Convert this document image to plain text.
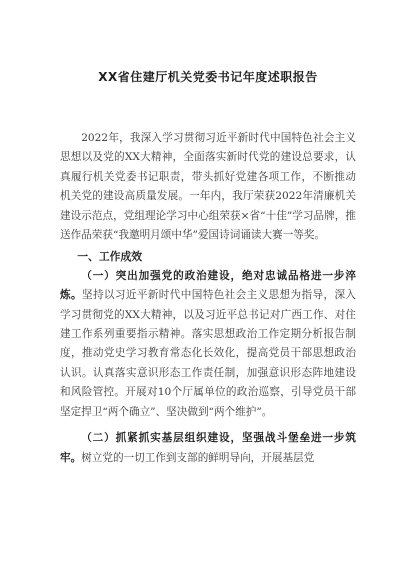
XX省住建厅机关党委书记年度述职报告

2022年，我深入学习贯彻习近平新时代中国特色社会主义思想以及党的XX大精神，全面落实新时代党的建设总要求，认真履行机关党委书记职责，带头抓好党建各项工作，不断推动机关党的建设高质量发展。一年内，我厅荣获2022年清廉机关建设示范点，党组理论学习中心组荣获×省“十佳”学习品牌，推送作品荣获“我邀明月颂中华”爱国诗词诵读大赛一等奖。

一、工作成效

（一）突出加强党的政治建设，绝对忠诚品格进一步淬炼。坚持以习近平新时代中国特色社会主义思想为指导，深入学习贯彻党的XX大精神，以及习近平总书记对广西工作、对住建工作系列重要指示精神。落实思想政治工作定期分析报告制度，推动党史学习教育常态化长效化，提高党员干部思想政治认识。认真落实意识形态工作责任制，加强意识形态阵地建设和风险管控。开展对10个厅属单位的政治巡察，引导党员干部坚定捍卫“两个确立”、坚决做到“两个维护”。

（二）抓紧抓实基层组织建设，坚强战斗堡垒进一步筑牢。树立党的一切工作到支部的鲜明导向，开展基层党
